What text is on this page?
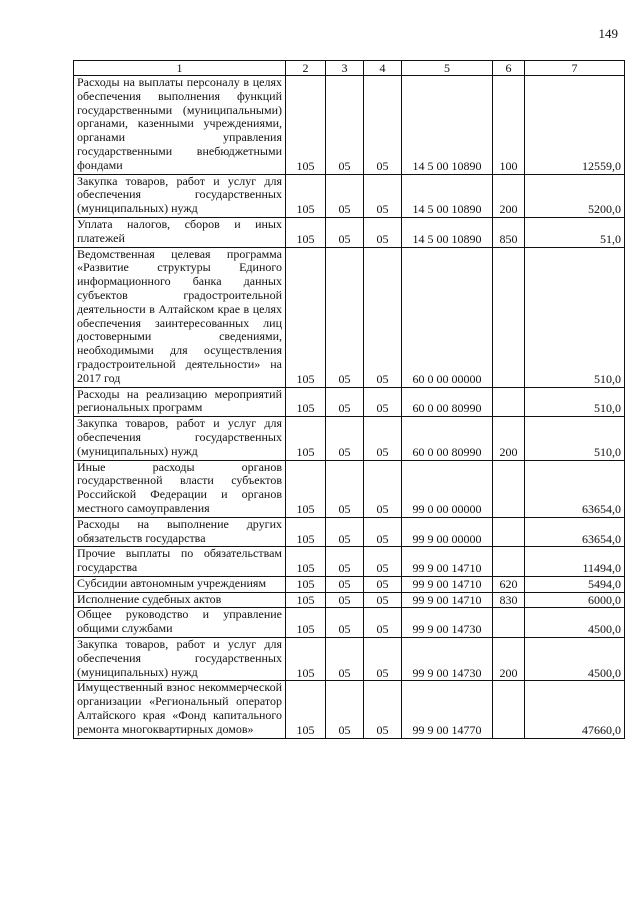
149
1	2	3	4	5	6	7
Расходы на выплаты персоналу в целях обеспечения выполнения функций государственными (муниципальными) органами, казенными учреждениями, органами управления государственными внебюджетными фондами	105	05	05	14 5 00 10890	100	12559,0
Закупка товаров, работ и услуг для обеспечения государственных (муниципальных) нужд	105	05	05	14 5 00 10890	200	5200,0
Уплата налогов, сборов и иных платежей	105	05	05	14 5 00 10890	850	51,0
Ведомственная целевая программа «Развитие структуры Единого информационного банка данных субъектов градостроительной деятельности в Алтайском крае в целях обеспечения заинтересованных лиц достоверными сведениями, необходимыми для осуществления градостроительной деятельности» на 2017 год	105	05	05	60 0 00 00000		510,0
Расходы на реализацию мероприятий региональных программ	105	05	05	60 0 00 80990		510,0
Закупка товаров, работ и услуг для обеспечения государственных (муниципальных) нужд	105	05	05	60 0 00 80990	200	510,0
Иные расходы органов государственной власти субъектов Российской Федерации и органов местного самоуправления	105	05	05	99 0 00 00000		63654,0
Расходы на выполнение других обязательств государства	105	05	05	99 9 00 00000		63654,0
Прочие выплаты по обязательствам государства	105	05	05	99 9 00 14710		11494,0
Субсидии автономным учреждениям	105	05	05	99 9 00 14710	620	5494,0
Исполнение судебных актов	105	05	05	99 9 00 14710	830	6000,0
Общее руководство и управление общими службами	105	05	05	99 9 00 14730		4500,0
Закупка товаров, работ и услуг для обеспечения государственных (муниципальных) нужд	105	05	05	99 9 00 14730	200	4500,0
Имущественный взнос некоммерческой организации «Региональный оператор Алтайского края «Фонд капитального ремонта многоквартирных домов»	105	05	05	99 9 00 14770		47660,0
